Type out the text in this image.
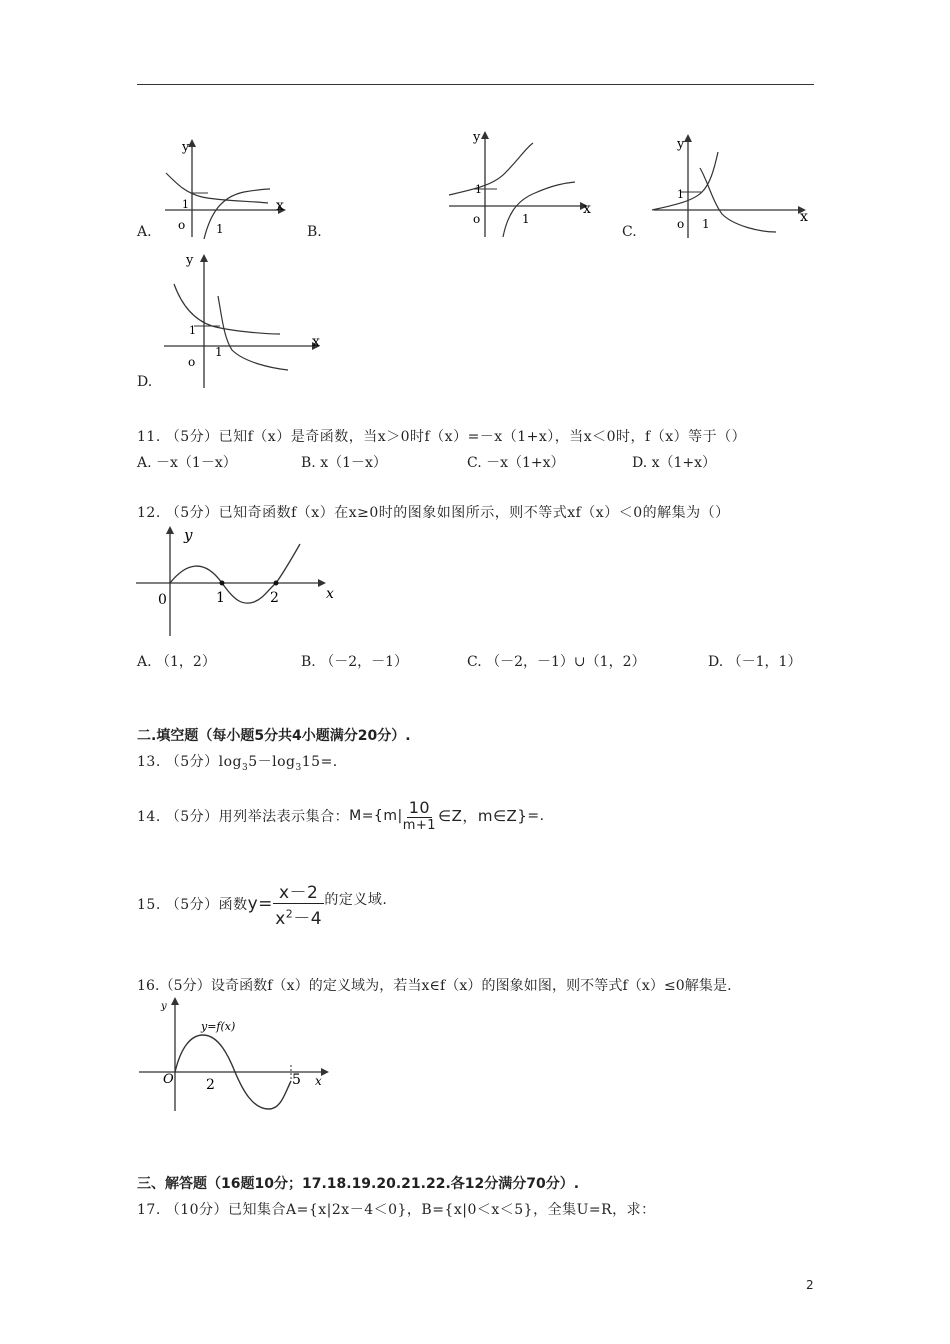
y
x
1
o	1
A.
y
x
1
o	1
B.
y
x
1
o 1
C.
y
x
1
o
1
D.
11. （5分）已知f（x）是奇函数，当x＞0时f（x）=－x（1+x），当x＜0时，f（x）等于（）
A. －x（1－x）	B. x（1－x）	C. －x（1+x）	D. x（1+x）
12. （5分）已知奇函数f（x）在x≥0时的图象如图所示，则不等式xf（x）＜0的解集为（）
y
x
0	1	2
A. （1，2）	B. （－2，－1）	C. （－2，－1）∪（1，2）	D. （－1，1）
二.填空题（每小题5分共4小题满分20分）.
13. （5分）$\log_35-\log_315=$.
14. （5分）用列举法表示集合： $M=\{m| \frac{10}{m+1}$ ∈Z，m∈Z} =.
15. （5分）函数 $y= \frac{x-2}{x^2-4}$ 的定义域.
16.（5分）设奇函数f（x）的定义域为，若当x∈f（x）的图象如图，则不等式f（x）≤0解集是.
y
y=f(x)
O	x
2	5
三、解答题（16题10分；17.18.19.20.21.22.各12分满分70分）.
17. （10分）已知集合A={x|2x－4＜0}，B={x|0＜x＜5}，全集U=R，求：
2
